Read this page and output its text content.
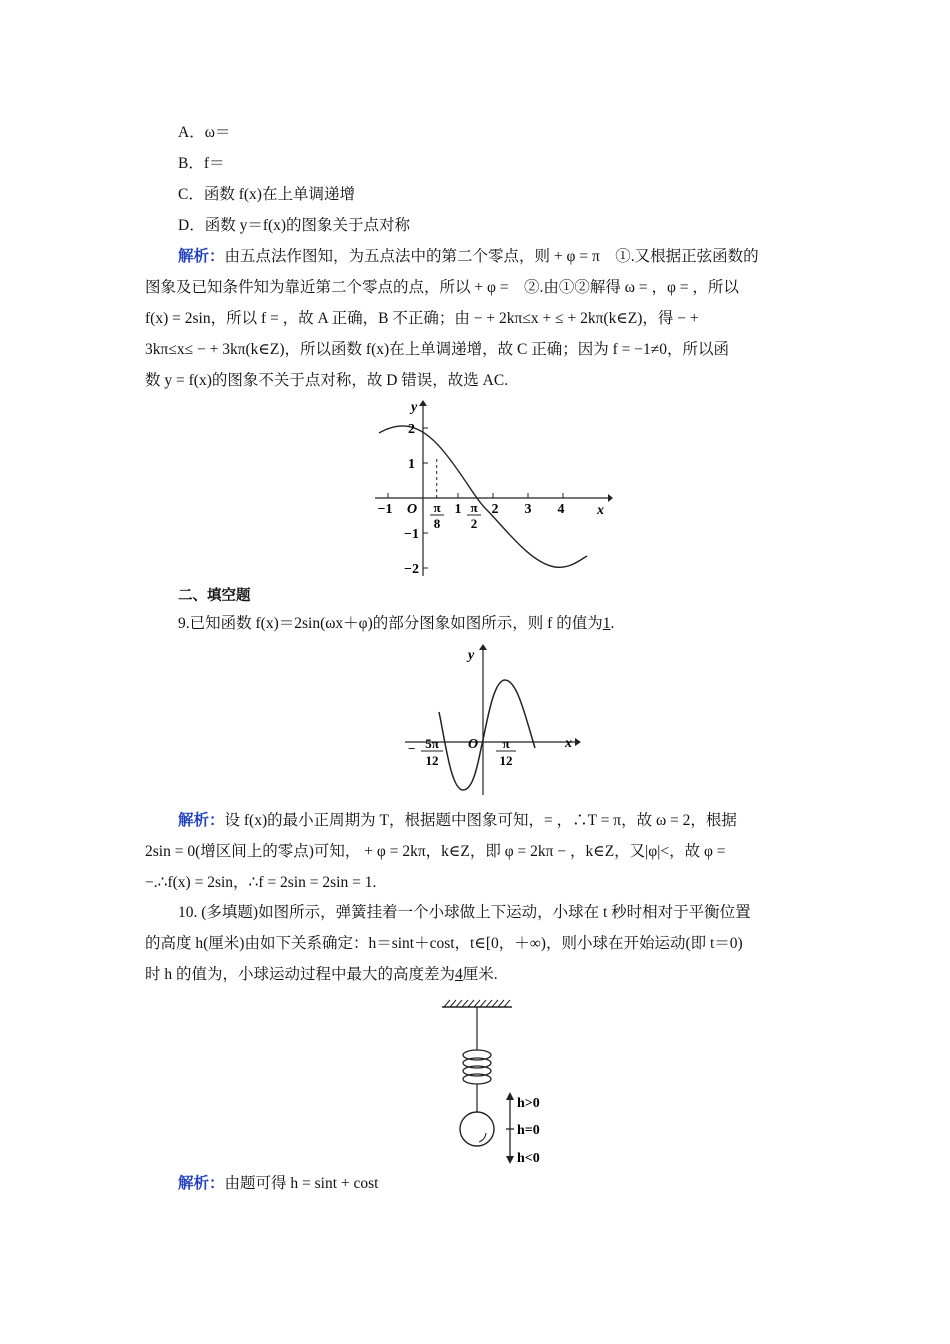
A．ω＝
B．f＝
C．函数 f(x)在上单调递增
D．函数 y＝f(x)的图象关于点对称
解析：由五点法作图知，为五点法中的第二个零点，则 + φ = π　①.又根据正弦函数的
图象及已知条件知为靠近第二个零点的点，所以 + φ =　②.由①②解得 ω = ，φ = ，所以
f(x) = 2sin，所以 f = ，故 A 正确，B 不正确；由 − + 2kπ≤x + ≤ + 2kπ(k∈Z)，得 − +
3kπ≤x≤ − + 3kπ(k∈Z)，所以函数 f(x)在上单调递增，故 C 正确；因为 f = −1≠0，所以函
数 y = f(x)的图象不关于点对称，故 D 错误，故选 AC.
y
x
O
2
1
−1
−2
−1	1 2 3 4
π
8
π
2
二、填空题
9.已知函数 f(x)＝2sin(ωx＋φ)的部分图象如图所示，则 f 的值为1.
y
x
O
− 5π
12
π
12
解析：设 f(x)的最小正周期为 T，根据题中图象可知，= ，∴T = π，故 ω = 2，根据
2sin = 0(增区间上的零点)可知， + φ = 2kπ，k∈Z，即 φ = 2kπ − ，k∈Z，又|φ|<，故 φ =
−.∴f(x) = 2sin，∴f = 2sin = 2sin = 1.
10. (多填题)如图所示，弹簧挂着一个小球做上下运动，小球在 t 秒时相对于平衡位置
的高度 h(厘米)由如下关系确定：h＝sint＋cost，t∈[0，＋∞)，则小球在开始运动(即 t＝0)
时 h 的值为，小球运动过程中最大的高度差为4厘米.
h>0
h=0
h<0
解析：由题可得 h = sint + cost
